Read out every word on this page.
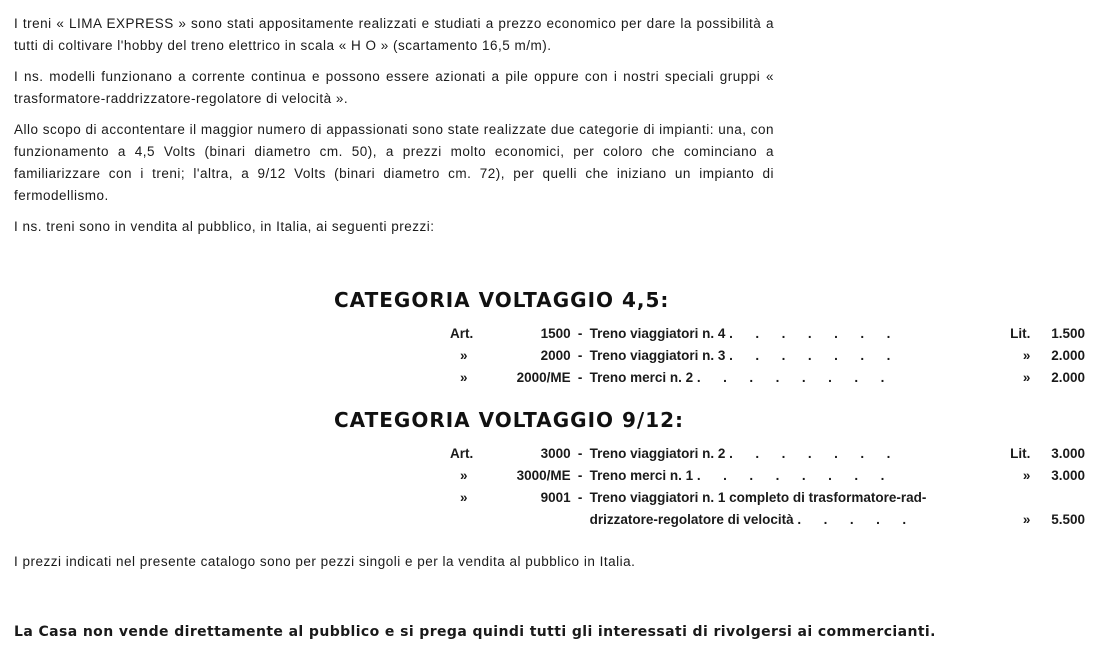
I treni « LIMA EXPRESS » sono stati appositamente realizzati e studiati a prezzo economico per dare la possibilità a tutti di coltivare l'hobby del treno elettrico in scala « H O » (scartamento 16,5 m/m).

I ns. modelli funzionano a corrente continua e possono essere azionati a pile oppure con i nostri speciali gruppi « trasformatore-raddrizzatore-regolatore di velocità ».

Allo scopo di accontentare il maggior numero di appassionati sono state realizzate due categorie di impianti: una, con funzionamento a 4,5 Volts (binari diametro cm. 50), a prezzi molto economici, per coloro che cominciano a familiarizzare con i treni; l'altra, a 9/12 Volts (binari diametro cm. 72), per quelli che iniziano un impianto di fermodellismo.

I ns. treni sono in vendita al pubblico, in Italia, ai seguenti prezzi:

CATEGORIA VOLTAGGIO 4,5:
Art.	1500	-	Treno viaggiatori n. 4 .      .      .      .      .      .      .	Lit.	1.500
»	2000	-	Treno viaggiatori n. 3 .      .      .      .      .      .      .	»	2.000
»	2000/ME	-	Treno merci n. 2 .      .      .      .      .      .      .      .	»	2.000
CATEGORIA VOLTAGGIO 9/12:
Art.	3000	-	Treno viaggiatori n. 2 .      .      .      .      .      .      .	Lit.	3.000
»	3000/ME	-	Treno merci n. 1 .      .      .      .      .      .      .      .	»	3.000
»	9001	-	Treno viaggiatori n. 1 completo di trasformatore-rad-		
			drizzatore-regolatore di velocità .      .      .      .      .	»	5.500
I prezzi indicati nel presente catalogo sono per pezzi singoli e per la vendita al pubblico in Italia.
La Casa non vende direttamente al pubblico e si prega quindi tutti gli interessati di rivolgersi ai commercianti.
